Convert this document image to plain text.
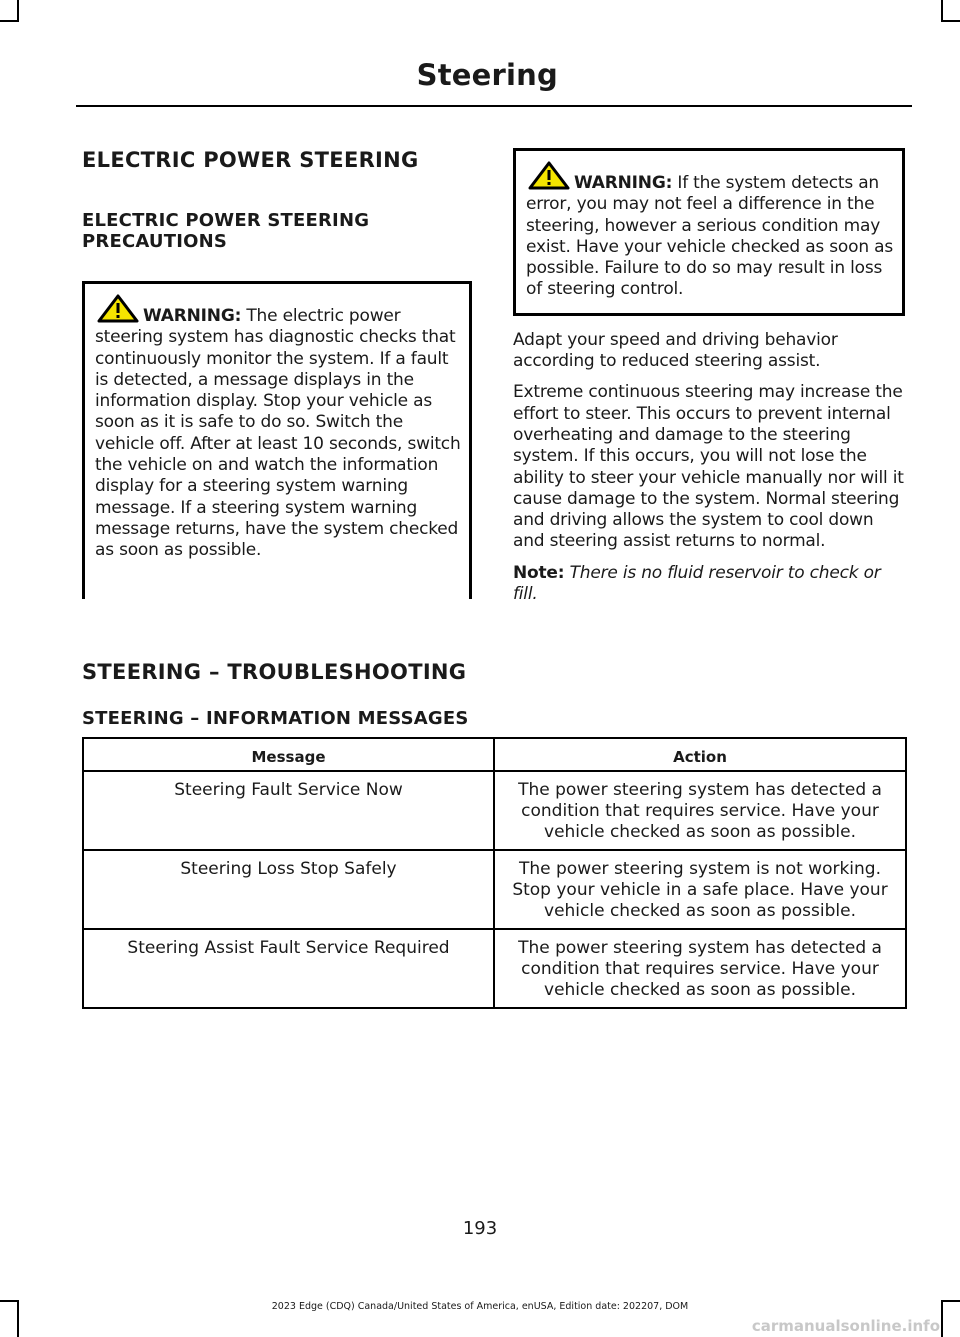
Steering
ELECTRIC POWER STEERING
ELECTRIC POWER STEERING PRECAUTIONS
WARNING: The electric power steering system has diagnostic checks that continuously monitor the system. If a fault is detected, a message displays in the information display. Stop your vehicle as soon as it is safe to do so. Switch the vehicle off. After at least 10 seconds, switch the vehicle on and watch the information display for a steering system warning message. If a steering system warning message returns, have the system checked as soon as possible.
WARNING: If the system detects an error, you may not feel a difference in the steering, however a serious condition may exist. Have your vehicle checked as soon as possible. Failure to do so may result in loss of steering control.

Adapt your speed and driving behavior according to reduced steering assist.

Extreme continuous steering may increase the effort to steer. This occurs to prevent internal overheating and damage to the steering system. If this occurs, you will not lose the ability to steer your vehicle manually nor will it cause damage to the system. Normal steering and driving allows the system to cool down and steering assist returns to normal.

Note: There is no fluid reservoir to check or fill.

STEERING – TROUBLESHOOTING
STEERING – INFORMATION MESSAGES
Message	Action
Steering Fault Service Now	The power steering system has detected a condition that requires service. Have your vehicle checked as soon as possible.
Steering Loss Stop Safely	The power steering system is not working. Stop your vehicle in a safe place. Have your vehicle checked as soon as possible.
Steering Assist Fault Service Required	The power steering system has detected a condition that requires service. Have your vehicle checked as soon as possible.
193
2023 Edge (CDQ) Canada/United States of America, enUSA, Edition date: 202207, DOM
carmanualsonline.info
